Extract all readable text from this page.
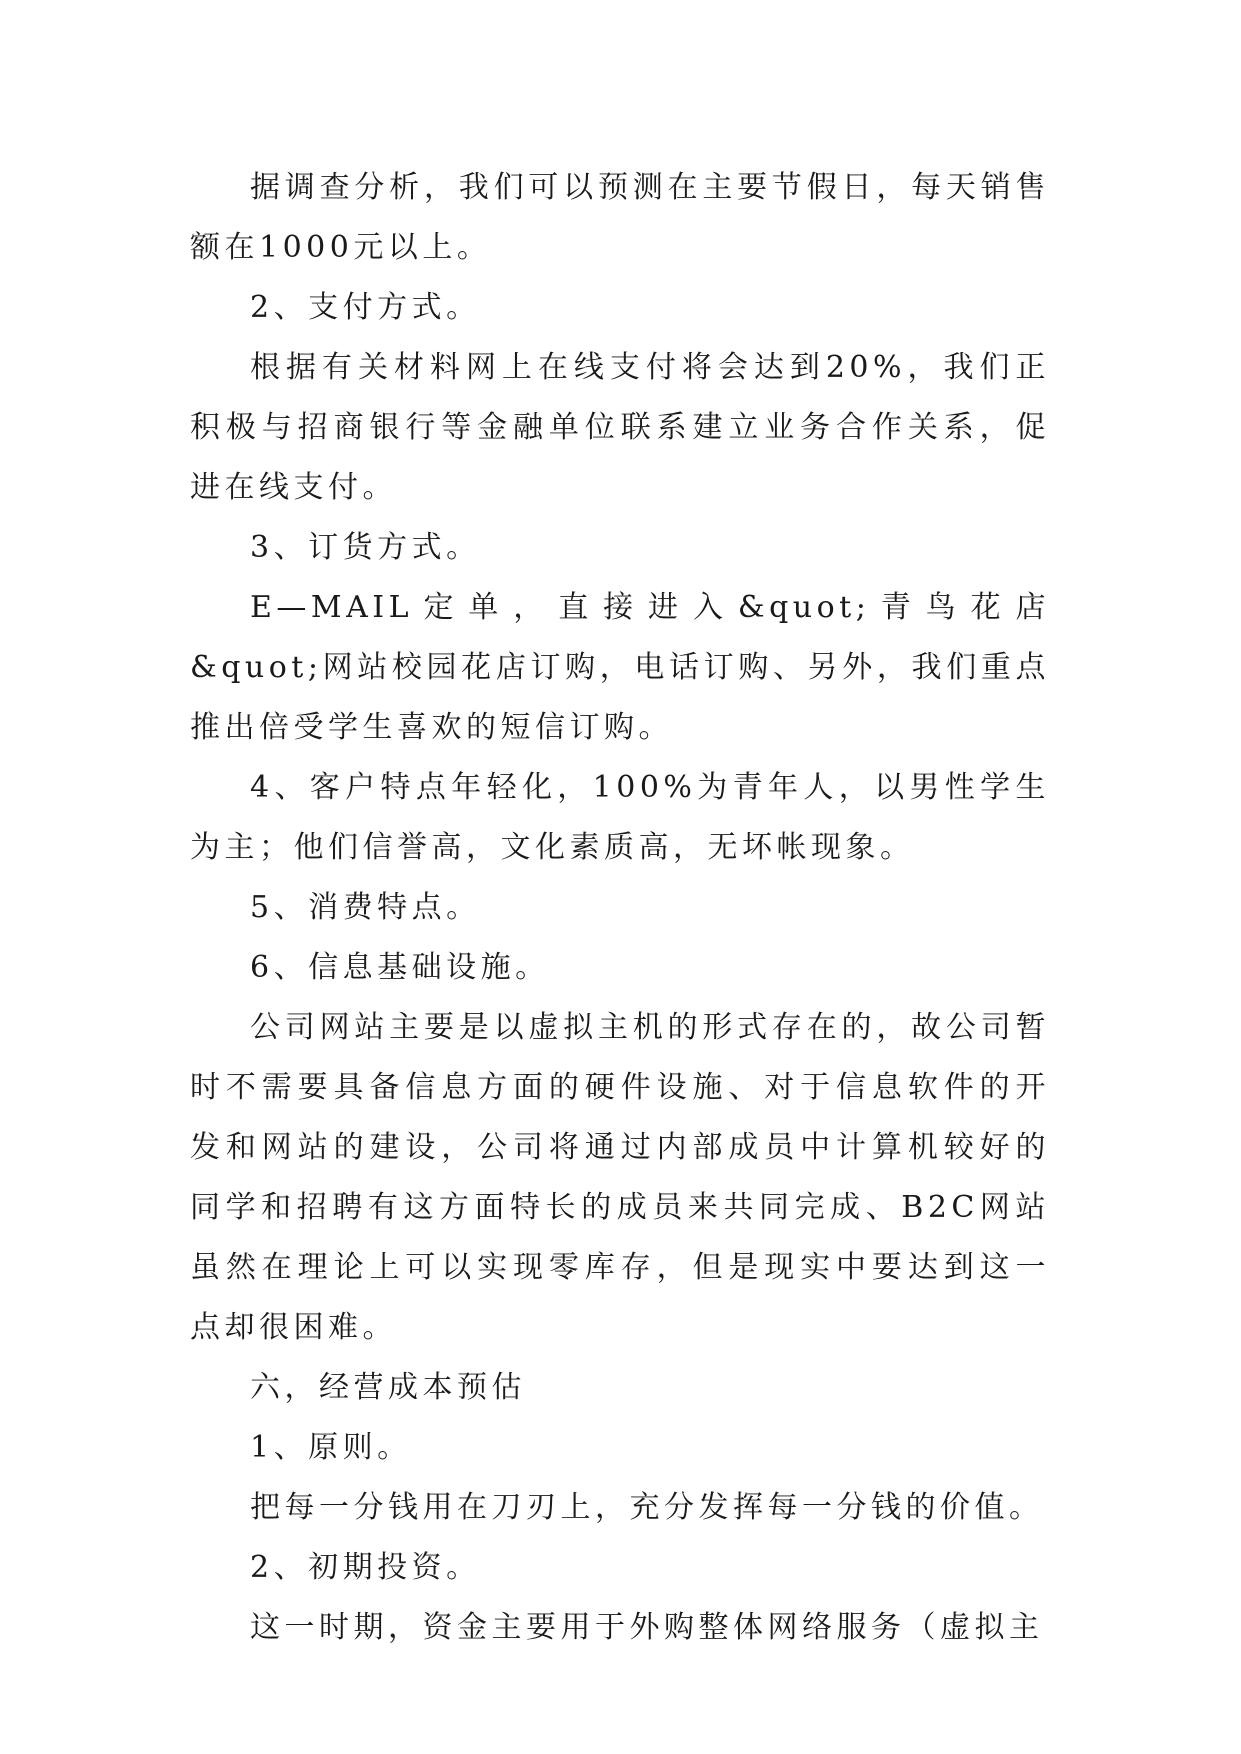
据调查分析，我们可以预测在主要节假日，每天销售额在1000元以上。

2、支付方式。

根据有关材料网上在线支付将会达到20%，我们正积极与招商银行等金融单位联系建立业务合作关系，促进在线支付。

3、订货方式。

E—MAIL定单，直接进入&quot;青鸟花店&quot;网站校园花店订购，电话订购、另外，我们重点推出倍受学生喜欢的短信订购。

4、客户特点年轻化，100%为青年人，以男性学生为主；他们信誉高，文化素质高，无坏帐现象。

5、消费特点。

6、信息基础设施。

公司网站主要是以虚拟主机的形式存在的，故公司暂时不需要具备信息方面的硬件设施、对于信息软件的开发和网站的建设，公司将通过内部成员中计算机较好的同学和招聘有这方面特长的成员来共同完成、B2C网站虽然在理论上可以实现零库存，但是现实中要达到这一点却很困难。

六，经营成本预估

1、原则。

把每一分钱用在刀刃上，充分发挥每一分钱的价值。

2、初期投资。

这一时期，资金主要用于外购整体网络服务（虚拟主
